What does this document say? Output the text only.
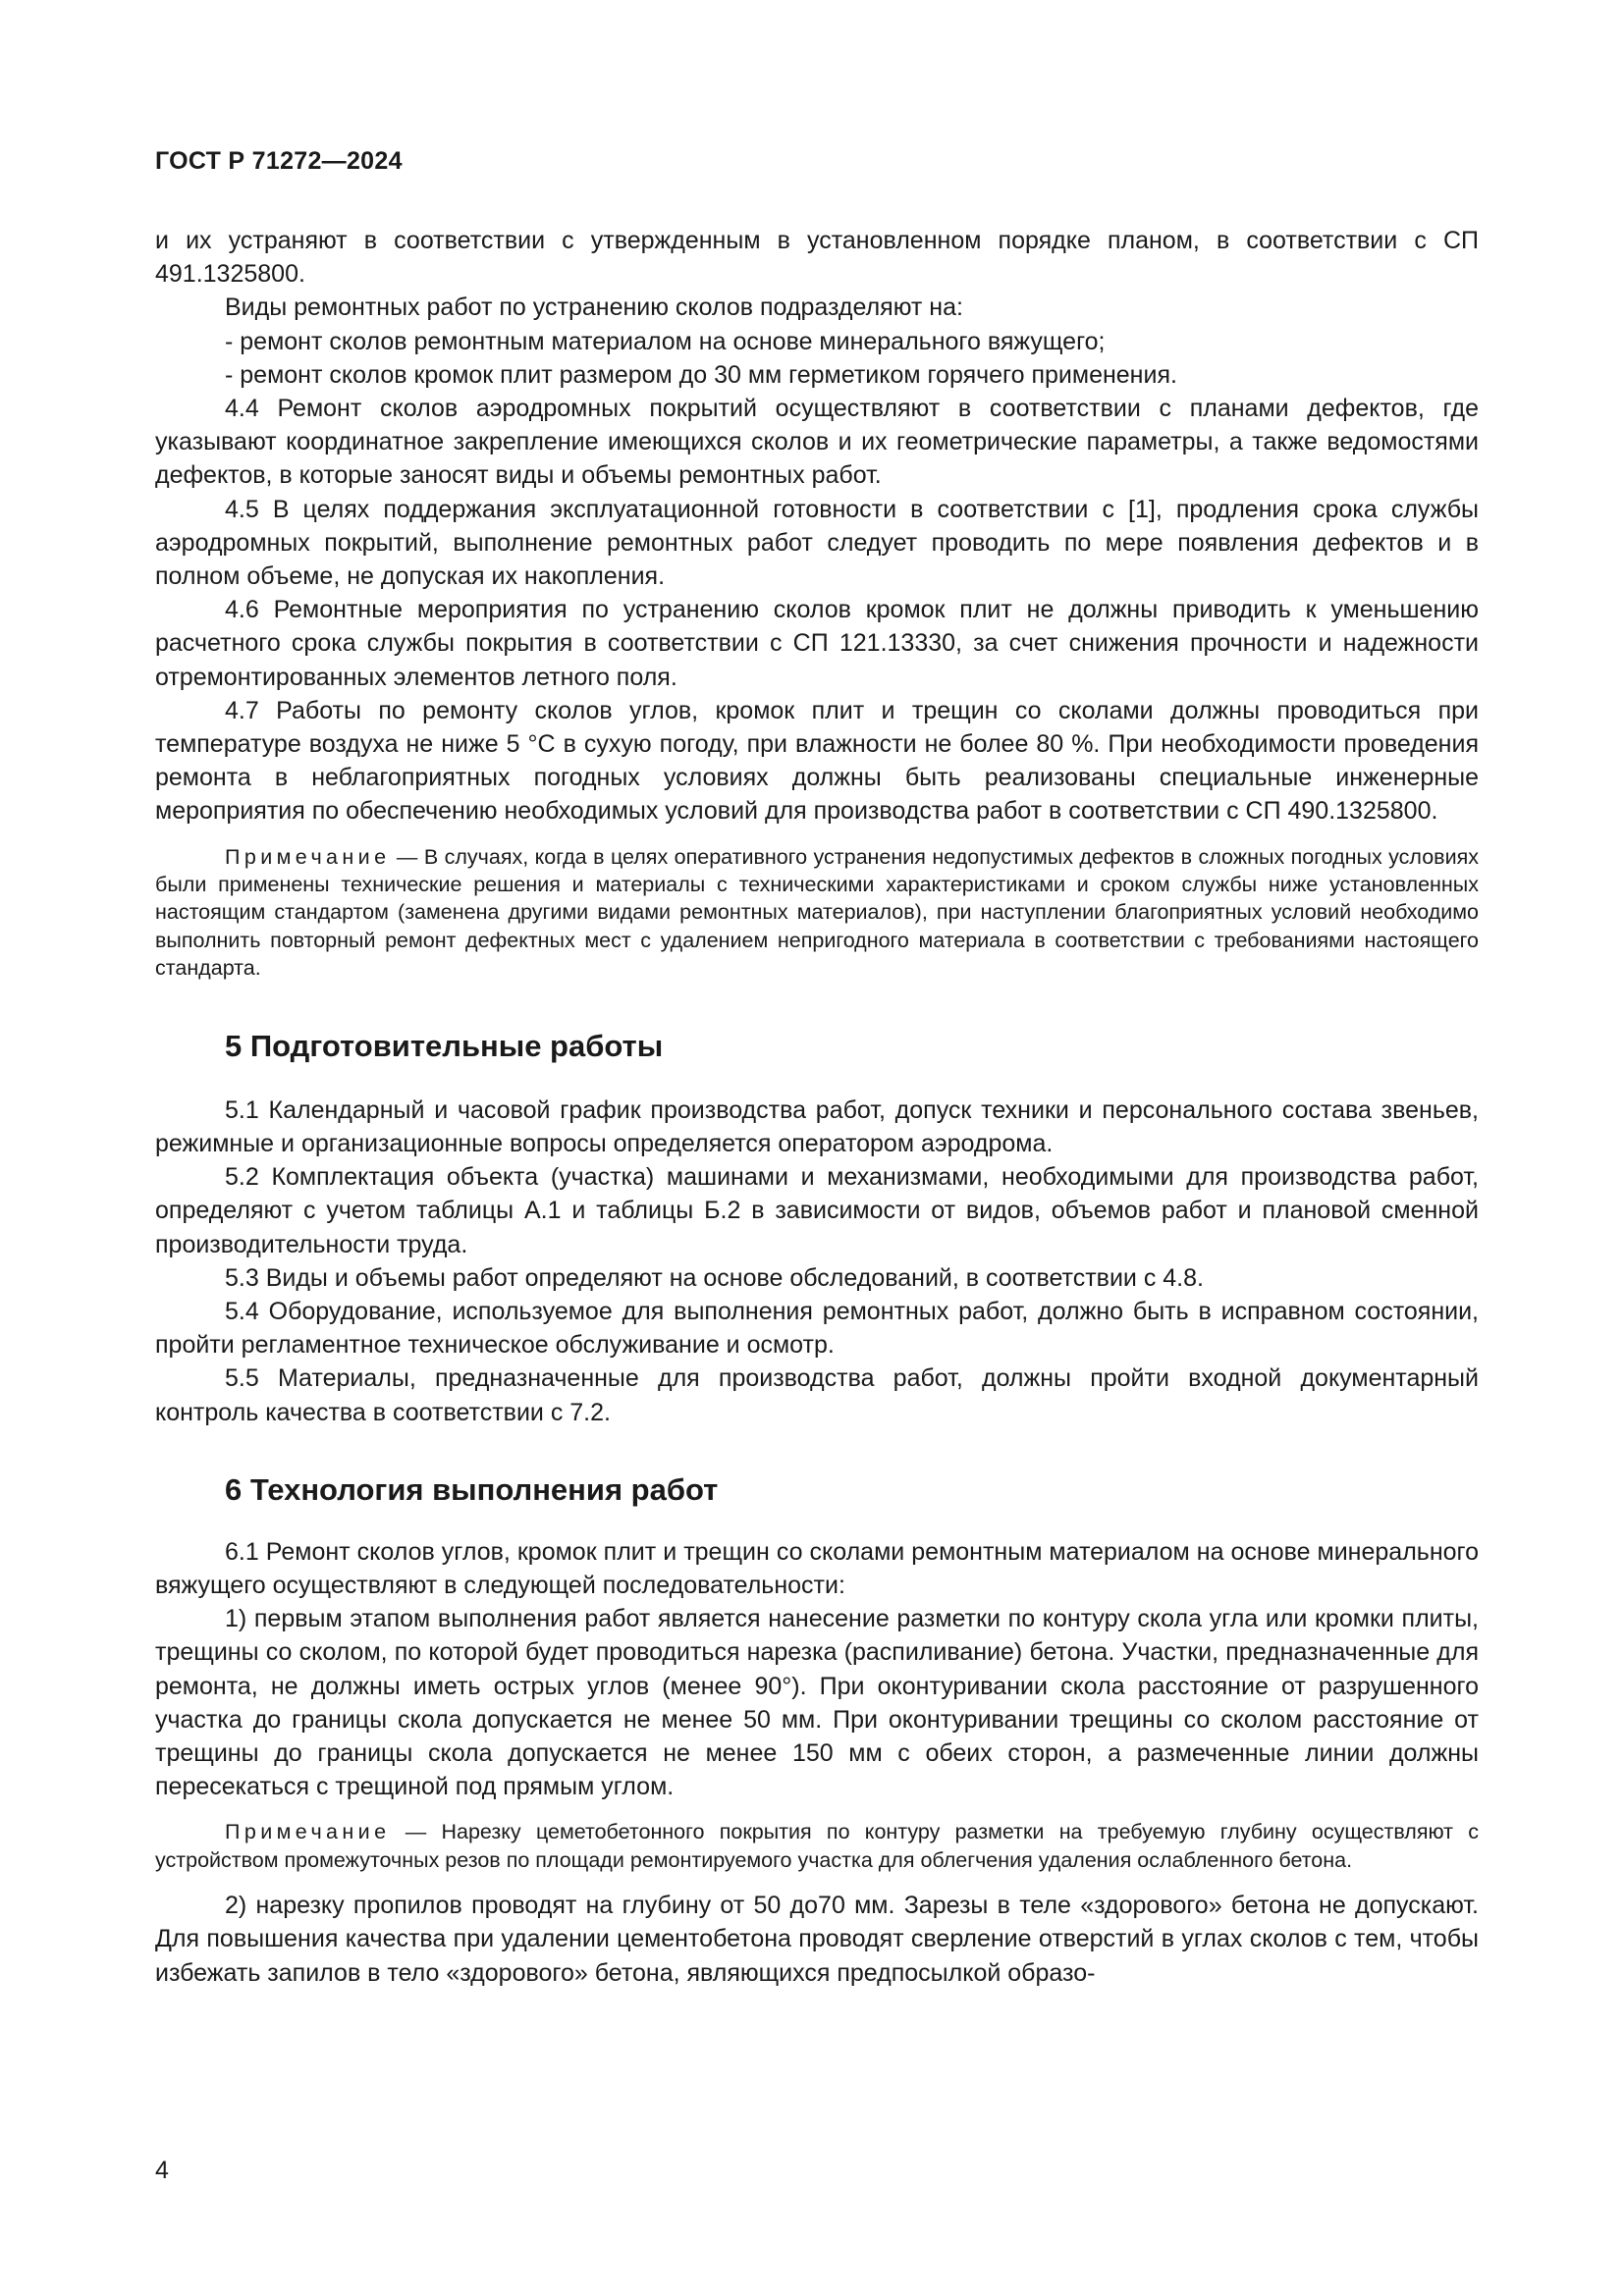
ГОСТ Р 71272—2024

и их устраняют в соответствии с утвержденным в установленном порядке планом, в соответствии с СП 491.1325800.

Виды ремонтных работ по устранению сколов подразделяют на:

- ремонт сколов ремонтным материалом на основе минерального вяжущего;

- ремонт сколов кромок плит размером до 30 мм герметиком горячего применения.

4.4 Ремонт сколов аэродромных покрытий осуществляют в соответствии с планами дефектов, где указывают координатное закрепление имеющихся сколов и их геометрические параметры, а также ведомостями дефектов, в которые заносят виды и объемы ремонтных работ.

4.5 В целях поддержания эксплуатационной готовности в соответствии с [1], продления срока службы аэродромных покрытий, выполнение ремонтных работ следует проводить по мере появления дефектов и в полном объеме, не допуская их накопления.

4.6 Ремонтные мероприятия по устранению сколов кромок плит не должны приводить к уменьшению расчетного срока службы покрытия в соответствии с СП 121.13330, за счет снижения прочности и надежности отремонтированных элементов летного поля.

4.7 Работы по ремонту сколов углов, кромок плит и трещин со сколами должны проводиться при температуре воздуха не ниже 5 °С в сухую погоду, при влажности не более 80 %. При необходимости проведения ремонта в неблагоприятных погодных условиях должны быть реализованы специальные инженерные мероприятия по обеспечению необходимых условий для производства работ в соответствии с СП 490.1325800.

Примечание — В случаях, когда в целях оперативного устранения недопустимых дефектов в сложных погодных условиях были применены технические решения и материалы с техническими характеристиками и сроком службы ниже установленных настоящим стандартом (заменена другими видами ремонтных материалов), при наступлении благоприятных условий необходимо выполнить повторный ремонт дефектных мест с удалением непригодного материала в соответствии с требованиями настоящего стандарта.

5 Подготовительные работы

5.1 Календарный и часовой график производства работ, допуск техники и персонального состава звеньев, режимные и организационные вопросы определяется оператором аэродрома.

5.2 Комплектация объекта (участка) машинами и механизмами, необходимыми для производства работ, определяют с учетом таблицы А.1 и таблицы Б.2 в зависимости от видов, объемов работ и плановой сменной производительности труда.

5.3 Виды и объемы работ определяют на основе обследований, в соответствии с 4.8.

5.4 Оборудование, используемое для выполнения ремонтных работ, должно быть в исправном состоянии, пройти регламентное техническое обслуживание и осмотр.

5.5 Материалы, предназначенные для производства работ, должны пройти входной документарный контроль качества в соответствии с 7.2.

6 Технология выполнения работ

6.1 Ремонт сколов углов, кромок плит и трещин со сколами ремонтным материалом на основе минерального вяжущего осуществляют в следующей последовательности:

1) первым этапом выполнения работ является нанесение разметки по контуру скола угла или кромки плиты, трещины со сколом, по которой будет проводиться нарезка (распиливание) бетона. Участки, предназначенные для ремонта, не должны иметь острых углов (менее 90°). При оконтуривании скола расстояние от разрушенного участка до границы скола допускается не менее 50 мм. При оконтуривании трещины со сколом расстояние от трещины до границы скола допускается не менее 150 мм с обеих сторон, а размеченные линии должны пересекаться с трещиной под прямым углом.

Примечание — Нарезку цеметобетонного покрытия по контуру разметки на требуемую глубину осуществляют с устройством промежуточных резов по площади ремонтируемого участка для облегчения удаления ослабленного бетона.

2) нарезку пропилов проводят на глубину от 50 до70 мм. Зарезы в теле «здорового» бетона не допускают. Для повышения качества при удалении цементобетона проводят сверление отверстий в углах сколов с тем, чтобы избежать запилов в тело «здорового» бетона, являющихся предпосылкой образо-

4
